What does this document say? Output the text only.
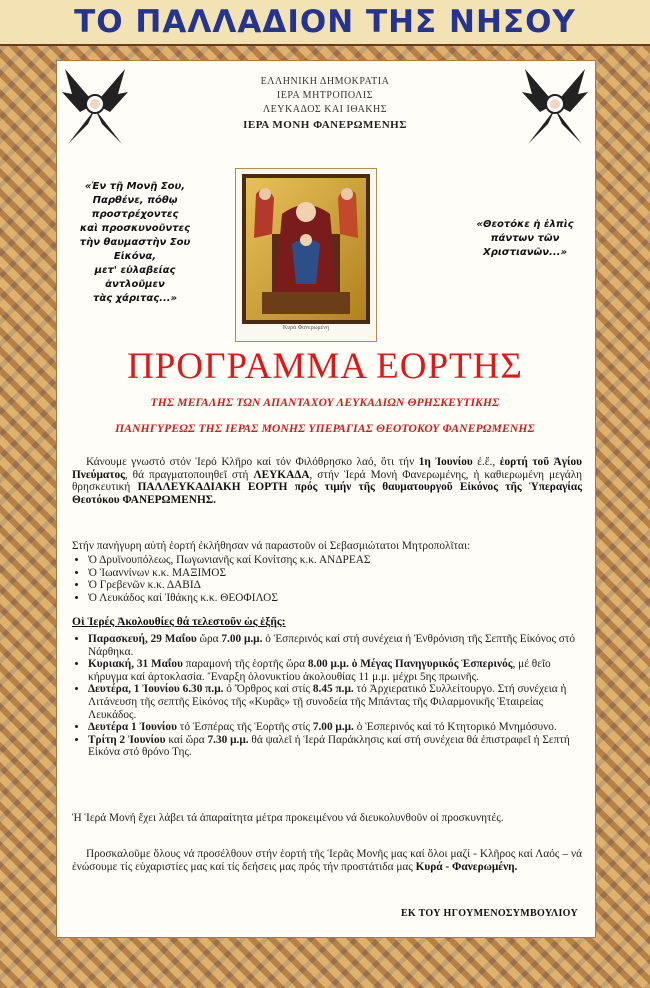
ΤΟ ΠΑΛΛΑΔΙΟΝ ΤΗΣ ΝΗΣΟΥ
ΕΛΛΗΝΙΚΗ ΔΗΜΟΚΡΑΤΙΑ
ΙΕΡΑ ΜΗΤΡΟΠΟΛΙΣ
ΛΕΥΚΑΔΟΣ ΚΑΙ ΙΘΑΚΗΣ
ΙΕΡΑ ΜΟΝΗ ΦΑΝΕΡΩΜΕΝΗΣ
«Ἐν τῇ Μονῇ Σου,
Παρθένε, πόθῳ
προστρέχοντες
καὶ προσκυνοῦντες
τὴν θαυμαστὴν Σου
Εἰκόνα,
μετ' εὐλαβείας
ἀντλοῦμεν
τὰς χάριτας...»
«Θεοτόκε ἡ ἐλπὶς
πάντων τῶν
Χριστιανῶν...»
Κυρά Φανερωμένη
ΠΡΟΓΡΑΜΜΑ ΕΟΡΤΗΣ
ΤΗΣ ΜΕΓΑΛΗΣ ΤΩΝ ΑΠΑΝΤΑΧΟΥ ΛΕΥΚΑΔΙΩΝ ΘΡΗΣΚΕΥΤΙΚΗΣ
ΠΑΝΗΓΥΡΕΩΣ ΤΗΣ ΙΕΡΑΣ ΜΟΝΗΣ ΥΠΕΡΑΓΙΑΣ ΘΕΟΤΟΚΟΥ ΦΑΝΕΡΩΜΕΝΗΣ
Κάνουμε γνωστό στόν Ἱερό Κλῆρο καί τόν Φιλόθρησκο λαό, ὅτι τήν 1η Ἰουνίου ἐ.ἔ., ἑορτή τοῦ Ἁγίου Πνεύματος, θά πραγματοποιηθεῖ στή ΛΕΥΚΑΔΑ, στήν Ἱερά Μονή Φανερωμένης, ἡ καθιερωμένη μεγάλη θρησκευτική ΠΑΛΛΕΥΚΑΔΙΑΚΗ ΕΟΡΤΗ πρός τιμήν τῆς θαυματουργοῦ Εἰκόνος τῆς Ὑπεραγίας Θεοτόκου ΦΑΝΕΡΩΜΕΝΗΣ.
Στήν πανήγυρη αὐτή ἑορτή ἐκλήθησαν νά παραστοῦν οἱ Σεβασμιώτατοι Μητροπολῖται:
• Ὁ Δρυϊνουπόλεως, Πωγωνιανῆς καί Κονίτσης κ.κ. ΑΝΔΡΕΑΣ
• Ὁ Ἰωαννίνων κ.κ. ΜΑΞΙΜΟΣ
• Ὁ Γρεβενῶν κ.κ. ΔΑΒΙΔ
• Ὁ Λευκάδος καί Ἰθάκης κ.κ. ΘΕΟΦΙΛΟΣ
Οἱ Ἱερές Ἀκολουθίες θά τελεστοῦν ὡς ἑξῆς:
• Παρασκευή, 29 Μαΐου ὥρα 7.00 μ.μ. ὁ Ἑσπερινός καί στή συνέχεια ἡ Ἐνθρόνιση τῆς Σεπτῆς Εἰκόνος στό Νάρθηκα.
• Κυριακή, 31 Μαΐου παραμονή τῆς ἑορτῆς ὥρα 8.00 μ.μ. ὁ Μέγας Πανηγυρικός Ἑσπερινός, μέ θεῖο κήρυγμα καί ἀρτοκλασία. Ἔναρξη ὁλονυκτίου ἀκολουθίας 11 μ.μ. μέχρι 5ης πρωινῆς.
• Δευτέρα, 1 Ἰουνίου 6.30 π.μ. ὁ Ὄρθρος καί στίς 8.45 π.μ. τό Ἀρχιερατικό Συλλείτουργο. Στή συνέχεια ἡ Λιτάνευση τῆς σεπτῆς Εἰκόνος τῆς «Κυρᾶς» τῇ συνοδεία τῆς Μπάντας τῆς Φιλαρμονικῆς Ἑταιρείας Λευκάδος.
• Δευτέρα 1 Ἰουνίου τό Ἑσπέρας τῆς Ἑορτῆς στίς 7.00 μ.μ. ὁ Ἑσπερινός καί τό Κτητορικό Μνημόσυνο.
• Τρίτη 2 Ἰουνίου καί ὥρα 7.30 μ.μ. θά ψαλεῖ ἡ Ἱερά Παράκλησις καί στή συνέχεια θά ἐπιστραφεῖ ἡ Σεπτή Εἰκόνα στό θρόνο Της.
Ἡ Ἱερά Μονή ἔχει λάβει τά ἀπαραίτητα μέτρα προκειμένου νά διευκολυνθοῦν οἱ προσκυνητές.
Προσκαλοῦμε ὅλους νά προσέλθουν στήν ἑορτή τῆς Ἱερᾶς Μονῆς μας καί ὅλοι μαζί - Κλῆρος καί Λαός – νά ἐνώσουμε τίς εὐχαριστίες μας καί τίς δεήσεις μας πρός τήν προστάτιδα μας Κυρά - Φανερωμένη.
ΕΚ ΤΟΥ ΗΓΟΥΜΕΝΟΣΥΜΒΟΥΛΙΟΥ
